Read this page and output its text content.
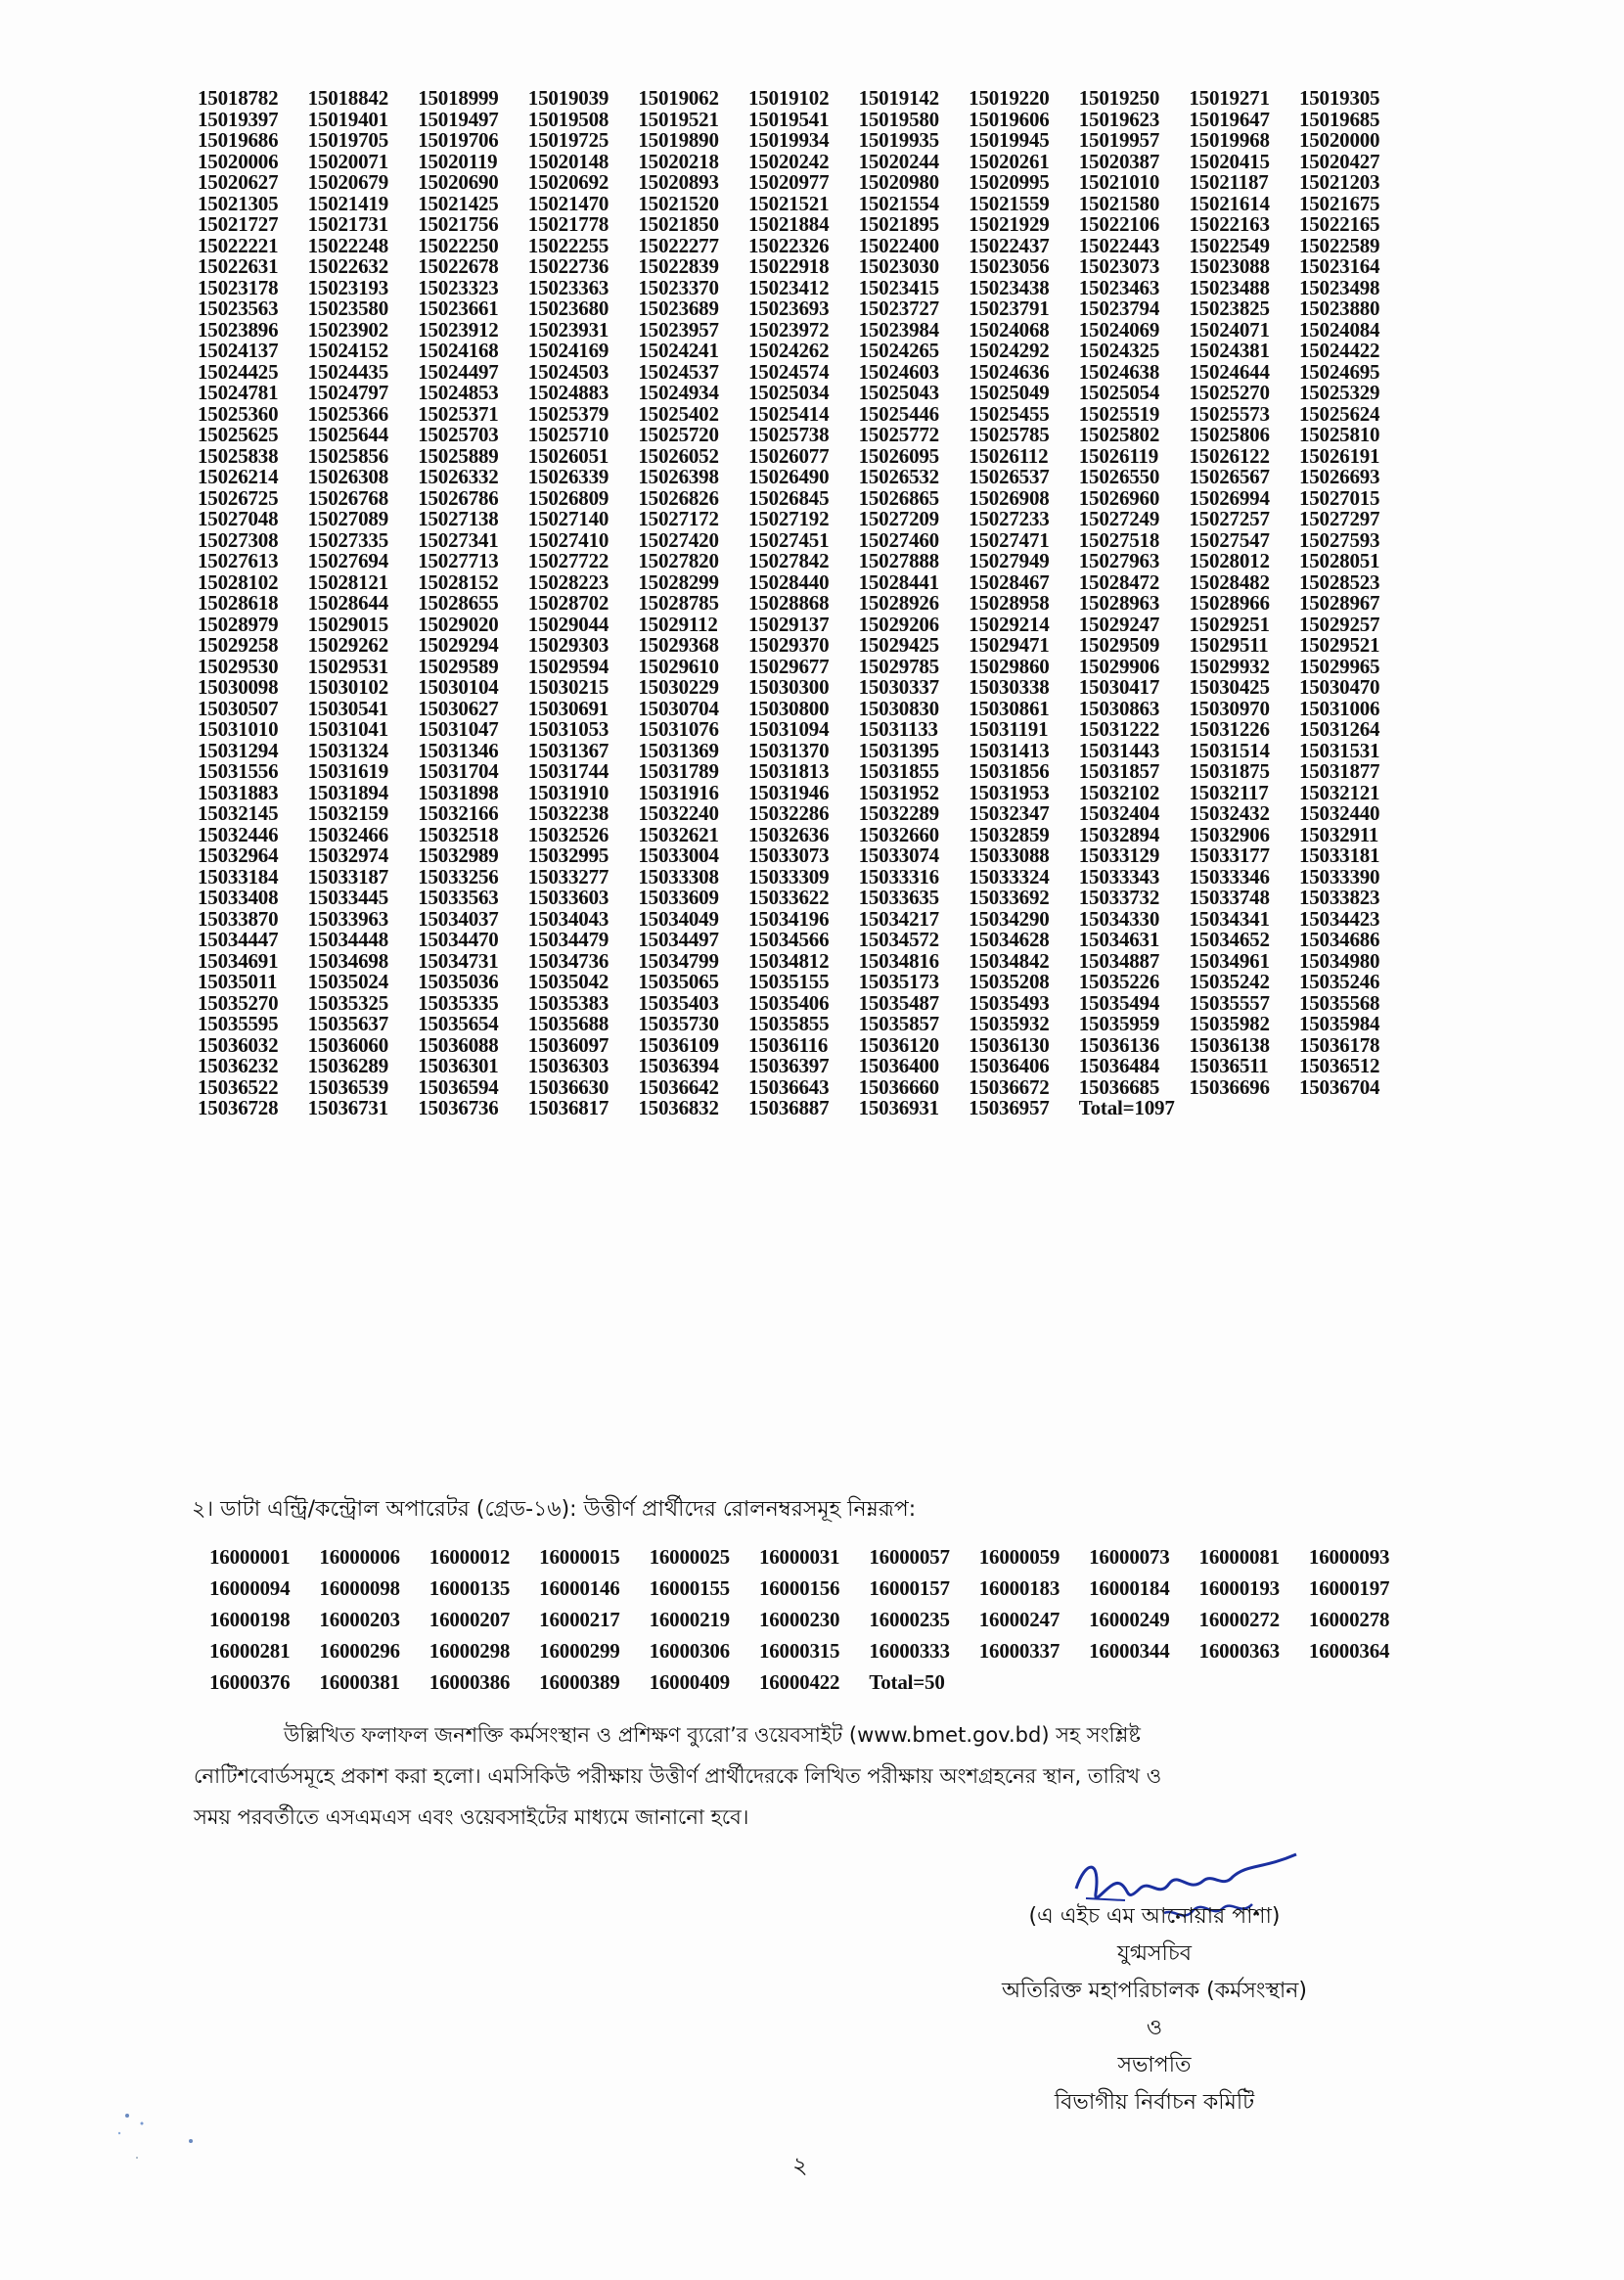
15018782	15018842	15018999	15019039	15019062	15019102	15019142	15019220	15019250	15019271	15019305
15019397	15019401	15019497	15019508	15019521	15019541	15019580	15019606	15019623	15019647	15019685
15019686	15019705	15019706	15019725	15019890	15019934	15019935	15019945	15019957	15019968	15020000
15020006	15020071	15020119	15020148	15020218	15020242	15020244	15020261	15020387	15020415	15020427
15020627	15020679	15020690	15020692	15020893	15020977	15020980	15020995	15021010	15021187	15021203
15021305	15021419	15021425	15021470	15021520	15021521	15021554	15021559	15021580	15021614	15021675
15021727	15021731	15021756	15021778	15021850	15021884	15021895	15021929	15022106	15022163	15022165
15022221	15022248	15022250	15022255	15022277	15022326	15022400	15022437	15022443	15022549	15022589
15022631	15022632	15022678	15022736	15022839	15022918	15023030	15023056	15023073	15023088	15023164
15023178	15023193	15023323	15023363	15023370	15023412	15023415	15023438	15023463	15023488	15023498
15023563	15023580	15023661	15023680	15023689	15023693	15023727	15023791	15023794	15023825	15023880
15023896	15023902	15023912	15023931	15023957	15023972	15023984	15024068	15024069	15024071	15024084
15024137	15024152	15024168	15024169	15024241	15024262	15024265	15024292	15024325	15024381	15024422
15024425	15024435	15024497	15024503	15024537	15024574	15024603	15024636	15024638	15024644	15024695
15024781	15024797	15024853	15024883	15024934	15025034	15025043	15025049	15025054	15025270	15025329
15025360	15025366	15025371	15025379	15025402	15025414	15025446	15025455	15025519	15025573	15025624
15025625	15025644	15025703	15025710	15025720	15025738	15025772	15025785	15025802	15025806	15025810
15025838	15025856	15025889	15026051	15026052	15026077	15026095	15026112	15026119	15026122	15026191
15026214	15026308	15026332	15026339	15026398	15026490	15026532	15026537	15026550	15026567	15026693
15026725	15026768	15026786	15026809	15026826	15026845	15026865	15026908	15026960	15026994	15027015
15027048	15027089	15027138	15027140	15027172	15027192	15027209	15027233	15027249	15027257	15027297
15027308	15027335	15027341	15027410	15027420	15027451	15027460	15027471	15027518	15027547	15027593
15027613	15027694	15027713	15027722	15027820	15027842	15027888	15027949	15027963	15028012	15028051
15028102	15028121	15028152	15028223	15028299	15028440	15028441	15028467	15028472	15028482	15028523
15028618	15028644	15028655	15028702	15028785	15028868	15028926	15028958	15028963	15028966	15028967
15028979	15029015	15029020	15029044	15029112	15029137	15029206	15029214	15029247	15029251	15029257
15029258	15029262	15029294	15029303	15029368	15029370	15029425	15029471	15029509	15029511	15029521
15029530	15029531	15029589	15029594	15029610	15029677	15029785	15029860	15029906	15029932	15029965
15030098	15030102	15030104	15030215	15030229	15030300	15030337	15030338	15030417	15030425	15030470
15030507	15030541	15030627	15030691	15030704	15030800	15030830	15030861	15030863	15030970	15031006
15031010	15031041	15031047	15031053	15031076	15031094	15031133	15031191	15031222	15031226	15031264
15031294	15031324	15031346	15031367	15031369	15031370	15031395	15031413	15031443	15031514	15031531
15031556	15031619	15031704	15031744	15031789	15031813	15031855	15031856	15031857	15031875	15031877
15031883	15031894	15031898	15031910	15031916	15031946	15031952	15031953	15032102	15032117	15032121
15032145	15032159	15032166	15032238	15032240	15032286	15032289	15032347	15032404	15032432	15032440
15032446	15032466	15032518	15032526	15032621	15032636	15032660	15032859	15032894	15032906	15032911
15032964	15032974	15032989	15032995	15033004	15033073	15033074	15033088	15033129	15033177	15033181
15033184	15033187	15033256	15033277	15033308	15033309	15033316	15033324	15033343	15033346	15033390
15033408	15033445	15033563	15033603	15033609	15033622	15033635	15033692	15033732	15033748	15033823
15033870	15033963	15034037	15034043	15034049	15034196	15034217	15034290	15034330	15034341	15034423
15034447	15034448	15034470	15034479	15034497	15034566	15034572	15034628	15034631	15034652	15034686
15034691	15034698	15034731	15034736	15034799	15034812	15034816	15034842	15034887	15034961	15034980
15035011	15035024	15035036	15035042	15035065	15035155	15035173	15035208	15035226	15035242	15035246
15035270	15035325	15035335	15035383	15035403	15035406	15035487	15035493	15035494	15035557	15035568
15035595	15035637	15035654	15035688	15035730	15035855	15035857	15035932	15035959	15035982	15035984
15036032	15036060	15036088	15036097	15036109	15036116	15036120	15036130	15036136	15036138	15036178
15036232	15036289	15036301	15036303	15036394	15036397	15036400	15036406	15036484	15036511	15036512
15036522	15036539	15036594	15036630	15036642	15036643	15036660	15036672	15036685	15036696	15036704
15036728	15036731	15036736	15036817	15036832	15036887	15036931	15036957	Total=1097
২। ডাটা এন্ট্রি/কন্ট্রোল অপারেটর (গ্রেড-১৬): উত্তীর্ণ প্রার্থীদের রোলনম্বরসমূহ নিম্নরূপ:
16000001	16000006	16000012	16000015	16000025	16000031	16000057	16000059	16000073	16000081	16000093
16000094	16000098	16000135	16000146	16000155	16000156	16000157	16000183	16000184	16000193	16000197
16000198	16000203	16000207	16000217	16000219	16000230	16000235	16000247	16000249	16000272	16000278
16000281	16000296	16000298	16000299	16000306	16000315	16000333	16000337	16000344	16000363	16000364
16000376	16000381	16000386	16000389	16000409	16000422	Total=50

উল্লিখিত ফলাফল জনশক্তি কর্মসংস্থান ও প্রশিক্ষণ ব্যুরো’র ওয়েবসাইট (www.bmet.gov.bd) সহ সংশ্লিষ্ট

নোটিশবোর্ডসমূহে প্রকাশ করা হলো। এমসিকিউ পরীক্ষায় উত্তীর্ণ প্রার্থীদেরকে লিখিত পরীক্ষায় অংশগ্রহনের স্থান, তারিখ ও

সময় পরবর্তীতে এসএমএস এবং ওয়েবসাইটের মাধ্যমে জানানো হবে।

(এ এইচ এম আনোয়ার পাশা)
যুগ্মসচিব
অতিরিক্ত মহাপরিচালক (কর্মসংস্থান)
ও
সভাপতি
বিভাগীয় নির্বাচন কমিটি
২
